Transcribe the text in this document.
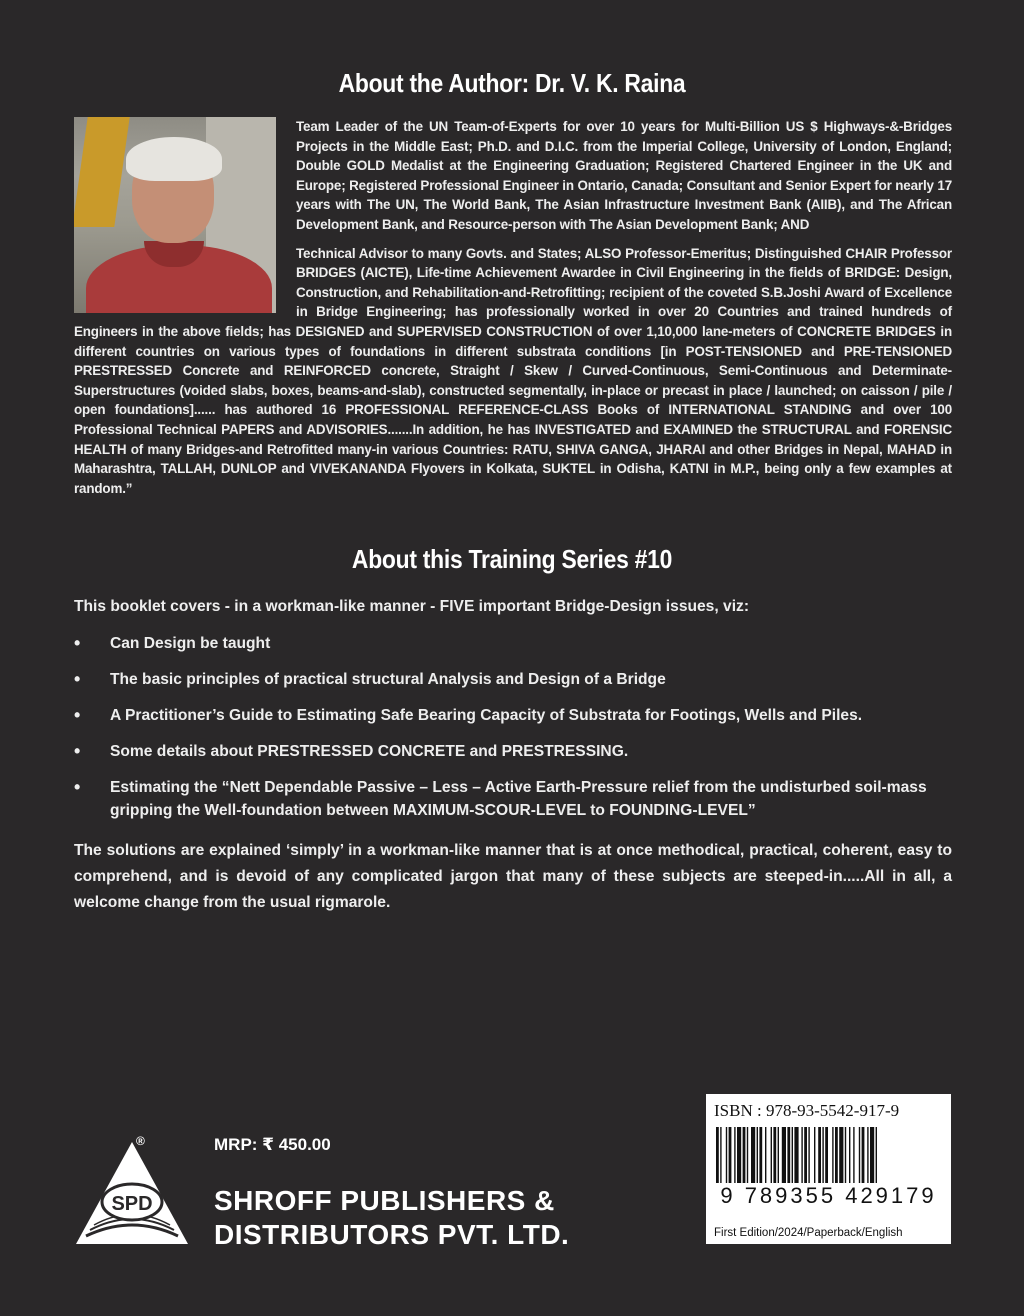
About the Author: Dr. V. K. Raina
Team Leader of the UN Team-of-Experts for over 10 years for Multi-Billion US $ Highways-&-Bridges Projects in the Middle East; Ph.D. and D.I.C. from the Imperial College, University of London, England; Double GOLD Medalist at the Engineering Graduation; Registered Chartered Engineer in the UK and Europe; Registered Professional Engineer in Ontario, Canada; Consultant and Senior Expert for nearly 17 years with The UN, The World Bank, The Asian Infrastructure Investment Bank (AIIB), and The African Development Bank, and Resource-person with The Asian Development Bank; AND
Technical Advisor to many Govts. and States; ALSO Professor-Emeritus; Distinguished CHAIR Professor BRIDGES (AICTE), Life-time Achievement Awardee in Civil Engineering in the fields of BRIDGE: Design, Construction, and Rehabilitation-and-Retrofitting; recipient of the coveted S.B.Joshi Award of Excellence in Bridge Engineering; has professionally worked in over 20 Countries and trained hundreds of Engineers in the above fields; has DESIGNED and SUPERVISED CONSTRUCTION of over 1,10,000 lane-meters of CONCRETE BRIDGES in different countries on various types of foundations in different substrata conditions [in POST-TENSIONED and PRE-TENSIONED PRESTRESSED Concrete and REINFORCED concrete, Straight / Skew / Curved-Continuous, Semi-Continuous and Determinate-Superstructures (voided slabs, boxes, beams-and-slab), constructed segmentally, in-place or precast in place / launched; on caisson / pile / open foundations]...... has authored 16 PROFESSIONAL REFERENCE-CLASS Books of INTERNATIONAL STANDING and over 100 Professional Technical PAPERS and ADVISORIES.......In addition, he has INVESTIGATED and EXAMINED the STRUCTURAL and FORENSIC HEALTH of many Bridges-and Retrofitted many-in various Countries: RATU, SHIVA GANGA, JHARAI and other Bridges in Nepal, MAHAD in Maharashtra, TALLAH, DUNLOP and VIVEKANANDA Flyovers in Kolkata, SUKTEL in Odisha, KATNI in M.P., being only a few examples at random.”
About this Training Series #10
This booklet covers - in a workman-like manner - FIVE important Bridge-Design issues, viz:
• Can Design be taught
• The basic principles of practical structural Analysis and Design of a Bridge
• A Practitioner’s Guide to Estimating Safe Bearing Capacity of Substrata for Footings, Wells and Piles.
• Some details about PRESTRESSED CONCRETE and PRESTRESSING.
• Estimating the “Nett Dependable Passive – Less – Active Earth-Pressure relief from the undisturbed soil-mass gripping the Well-foundation between MAXIMUM-SCOUR-LEVEL to FOUNDING-LEVEL”
The solutions are explained ‘simply’ in a workman-like manner that is at once methodical, practical, coherent, easy to comprehend, and is devoid of any complicated jargon that many of these subjects are steeped-in.....All in all, a welcome change from the usual rigmarole.
SPD
®	MRP: ₹ 450.00
SHROFF PUBLISHERS &
DISTRIBUTORS PVT. LTD.
ISBN : 978-93-5542-917-9
9 789355 429179
First Edition/2024/Paperback/English
